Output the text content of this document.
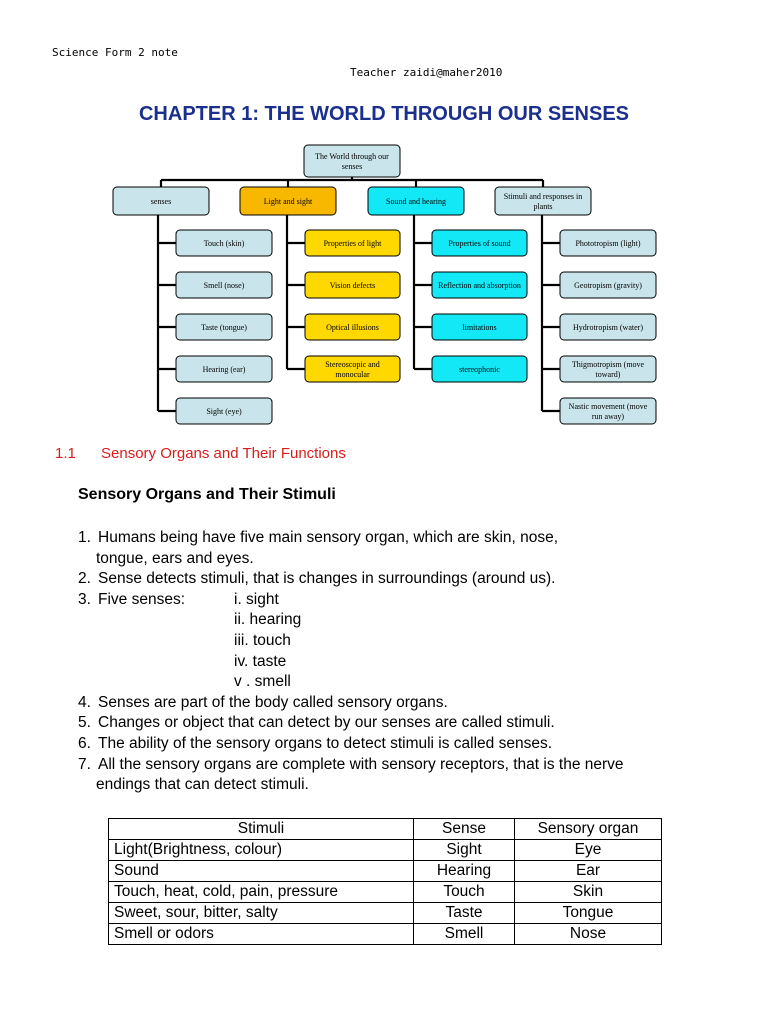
Science Form 2 note
Teacher zaidi@maher2010
CHAPTER 1: THE WORLD THROUGH OUR SENSES
The World through our
senses
senses	Light and sight	Sound and hearing
Stimuli and responses in
plants
Touch (skin)
Smell (nose)
Taste (tongue)
Hearing (ear)
Sight (eye)
Properties of light
Vision defects
Optical illusions
Stereoscopic and
monocular
Properties of sound
Reflection and absorption
limitations
stereophonic
Phototropism (light)
Geotropism (gravity)
Hydrotropism (water)
Thigmotropism (move
toward)
Nastic movement (move
run away)
1.1 Sensory Organs and Their Functions
Sensory Organs and Their Stimuli
1. Humans being have five main sensory organ, which are skin, nose,
tongue, ears and eyes.
2. Sense detects stimuli, that is changes in surroundings (around us).
3. Five senses:	i. sight
ii. hearing
iii. touch
iv. taste
v . smell
4. Senses are part of the body called sensory organs.
5. Changes or object that can detect by our senses are called stimuli.
6. The ability of the sensory organs to detect stimuli is called senses.
7. All the sensory organs are complete with sensory receptors, that is the nerve
endings that can detect stimuli.
Stimuli	Sense	Sensory organ
Light(Brightness, colour)	Sight	Eye
Sound	Hearing	Ear
Touch, heat, cold, pain, pressure	Touch	Skin
Sweet, sour, bitter, salty	Taste	Tongue
Smell or odors	Smell	Nose
